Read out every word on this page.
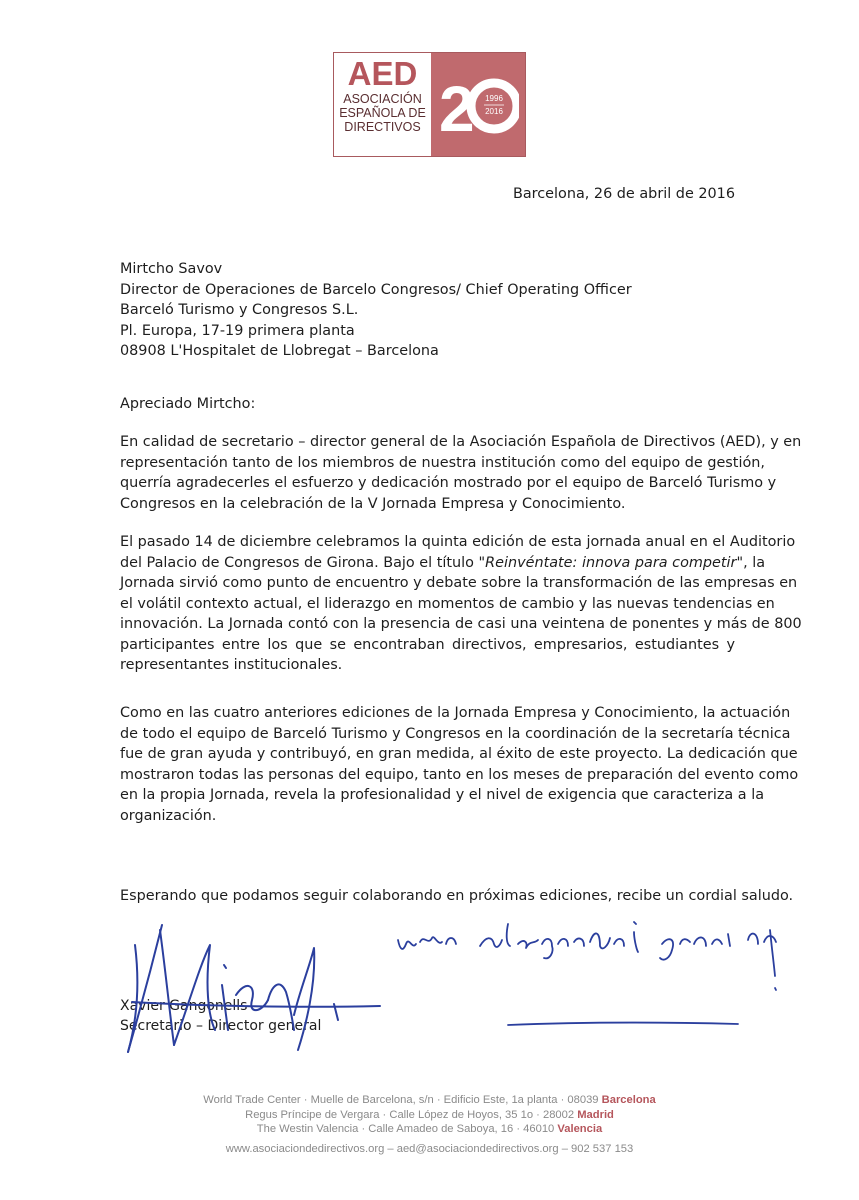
AED
ASOCIACIÓN
ESPAÑOLA DE
DIRECTIVOS 2 1996
2016
Barcelona, 26 de abril de 2016
Mirtcho Savov
Director de Operaciones de Barcelo Congresos/ Chief Operating Officer
Barceló Turismo y Congresos S.L.
Pl. Europa, 17-19 primera planta
08908 L'Hospitalet de Llobregat – Barcelona
Apreciado Mirtcho:
En calidad de secretario – director general de la Asociación Española de Directivos (AED), y en
representación tanto de los miembros de nuestra institución como del equipo de gestión,
querría agradecerles el esfuerzo y dedicación mostrado por el equipo de Barceló Turismo y
Congresos en la celebración de la V Jornada Empresa y Conocimiento.
El pasado 14 de diciembre celebramos la quinta edición de esta jornada anual en el Auditorio
del Palacio de Congresos de Girona. Bajo el título "Reinvéntate: innova para competir", la
Jornada sirvió como punto de encuentro y debate sobre la transformación de las empresas en
el volátil contexto actual, el liderazgo en momentos de cambio y las nuevas tendencias en
innovación. La Jornada contó con la presencia de casi una veintena de ponentes y más de 800
participantes entre los que se encontraban directivos, empresarios, estudiantes y
representantes institucionales.
Como en las cuatro anteriores ediciones de la Jornada Empresa y Conocimiento, la actuación
de todo el equipo de Barceló Turismo y Congresos en la coordinación de la secretaría técnica
fue de gran ayuda y contribuyó, en gran medida, al éxito de este proyecto. La dedicación que
mostraron todas las personas del equipo, tanto en los meses de preparación del evento como
en la propia Jornada, revela la profesionalidad y el nivel de exigencia que caracteriza a la
organización.
Esperando que podamos seguir colaborando en próximas ediciones, recibe un cordial saludo.
Xavier Gangonells
Secretario – Director general
World Trade Center · Muelle de Barcelona, s/n · Edificio Este, 1a planta · 08039 Barcelona
Regus Príncipe de Vergara · Calle López de Hoyos, 35 1o · 28002 Madrid
The Westin Valencia · Calle Amadeo de Saboya, 16 · 46010 Valencia
www.asociaciondedirectivos.org – aed@asociaciondedirectivos.org – 902 537 153
